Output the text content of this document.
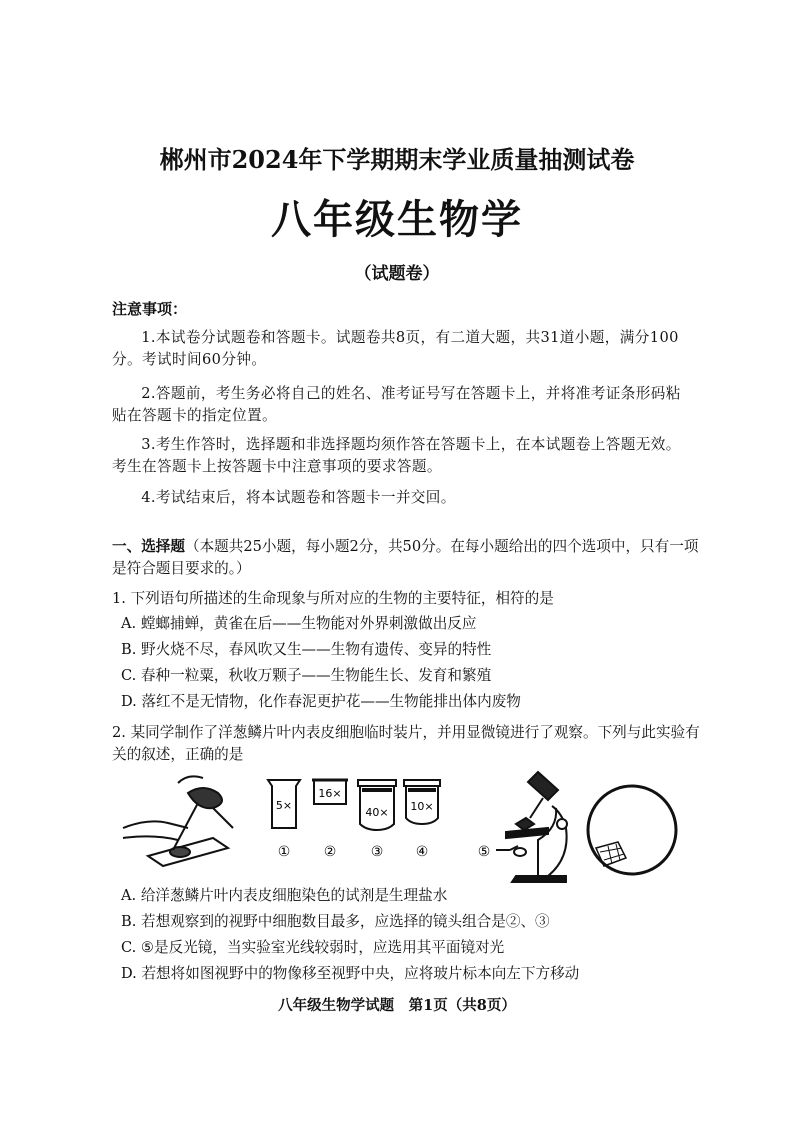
郴州市2024年下学期期末学业质量抽测试卷
八年级生物学
（试题卷）
注意事项：
1.本试卷分试题卷和答题卡。试题卷共8页，有二道大题，共31道小题，满分100分。考试时间60分钟。
2.答题前，考生务必将自己的姓名、准考证号写在答题卡上，并将准考证条形码粘贴在答题卡的指定位置。
3.考生作答时，选择题和非选择题均须作答在答题卡上，在本试题卷上答题无效。考生在答题卡上按答题卡中注意事项的要求答题。
4.考试结束后，将本试题卷和答题卡一并交回。
一、选择题（本题共25小题，每小题2分，共50分。在每小题给出的四个选项中，只有一项是符合题目要求的。）
1. 下列语句所描述的生命现象与所对应的生物的主要特征，相符的是
A. 螳螂捕蝉，黄雀在后——生物能对外界刺激做出反应
B. 野火烧不尽，春风吹又生——生物有遗传、变异的特性
C. 春种一粒粟，秋收万颗子——生物能生长、发育和繁殖
D. 落红不是无情物，化作春泥更护花——生物能排出体内废物
2. 某同学制作了洋葱鳞片叶内表皮细胞临时装片，并用显微镜进行了观察。下列与此实验有关的叙述，正确的是
5×
16×
40× 10×
① ② ③ ④	⑤
A. 给洋葱鳞片叶内表皮细胞染色的试剂是生理盐水
B. 若想观察到的视野中细胞数目最多，应选择的镜头组合是②、③
C. ⑤是反光镜，当实验室光线较弱时，应选用其平面镜对光
D. 若想将如图视野中的物像移至视野中央，应将玻片标本向左下方移动
八年级生物学试题　第1页（共8页）
